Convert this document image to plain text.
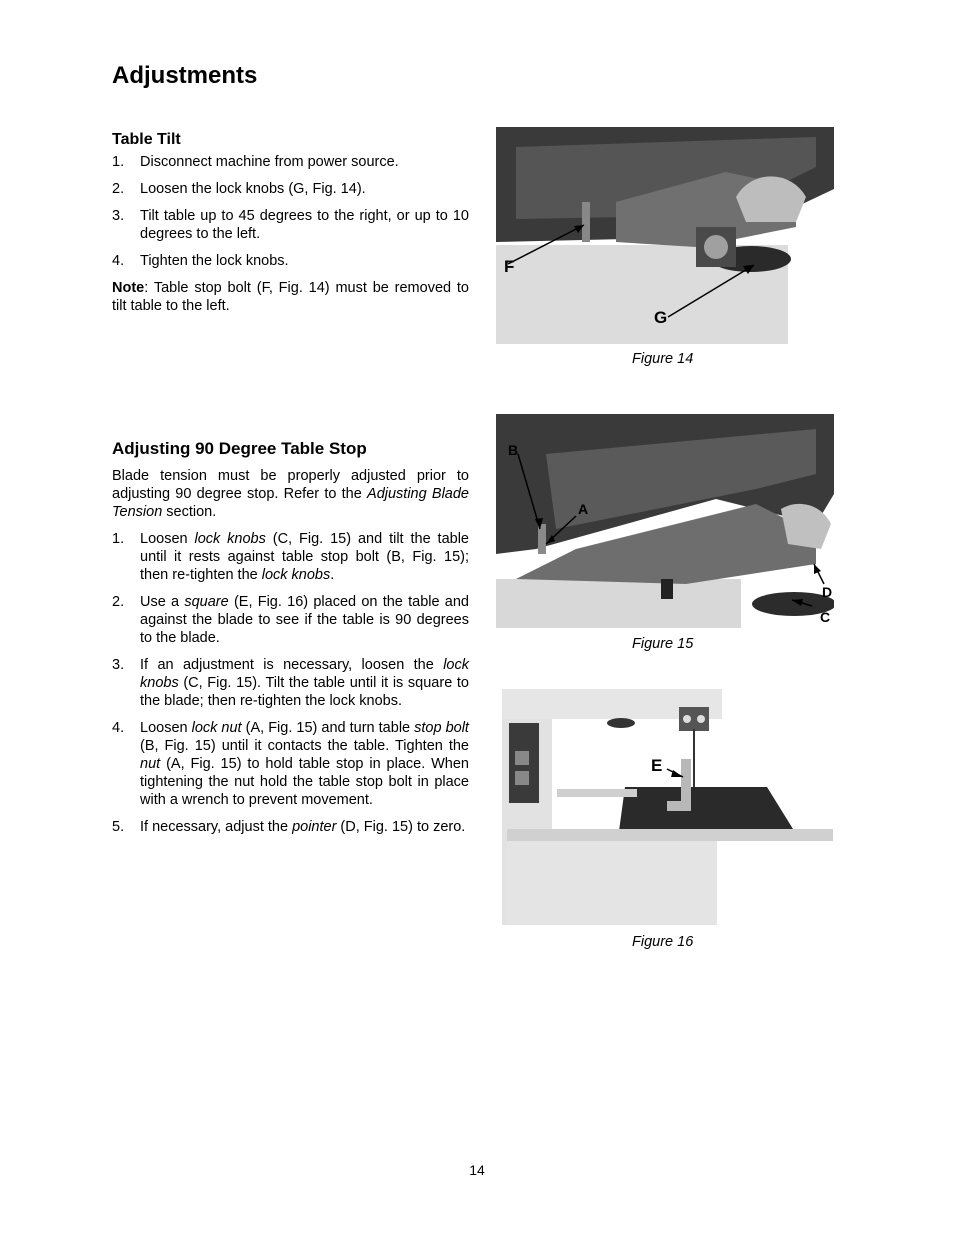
Adjustments
Table Tilt
1. Disconnect machine from power source.
2. Loosen the lock knobs (G, Fig. 14).
3. Tilt table up to 45 degrees to the right, or up to 10 degrees to the left.
4. Tighten the lock knobs.

Note: Table stop bolt (F, Fig. 14) must be removed to tilt table to the left.

Adjusting 90 Degree Table Stop

Blade tension must be properly adjusted prior to adjusting 90 degree stop. Refer to the Adjusting Blade Tension section.

1. Loosen lock knobs (C, Fig. 15) and tilt the table until it rests against table stop bolt (B, Fig. 15); then re-tighten the lock knobs.
2. Use a square (E, Fig. 16) placed on the table and against the blade to see if the table is 90 degrees to the blade.
3. If an adjustment is necessary, loosen the lock knobs (C, Fig. 15). Tilt the table until it is square to the blade; then re-tighten the lock knobs.
4. Loosen lock nut (A, Fig. 15) and turn table stop bolt (B, Fig. 15) until it contacts the table. Tighten the nut (A, Fig. 15) to hold table stop in place. When tightening the nut hold the table stop bolt in place with a wrench to prevent movement.
5. If necessary, adjust the pointer (D, Fig. 15) to zero.
F
G
Figure 14
B
A
D
C
Figure 15
E
Figure 16
14
